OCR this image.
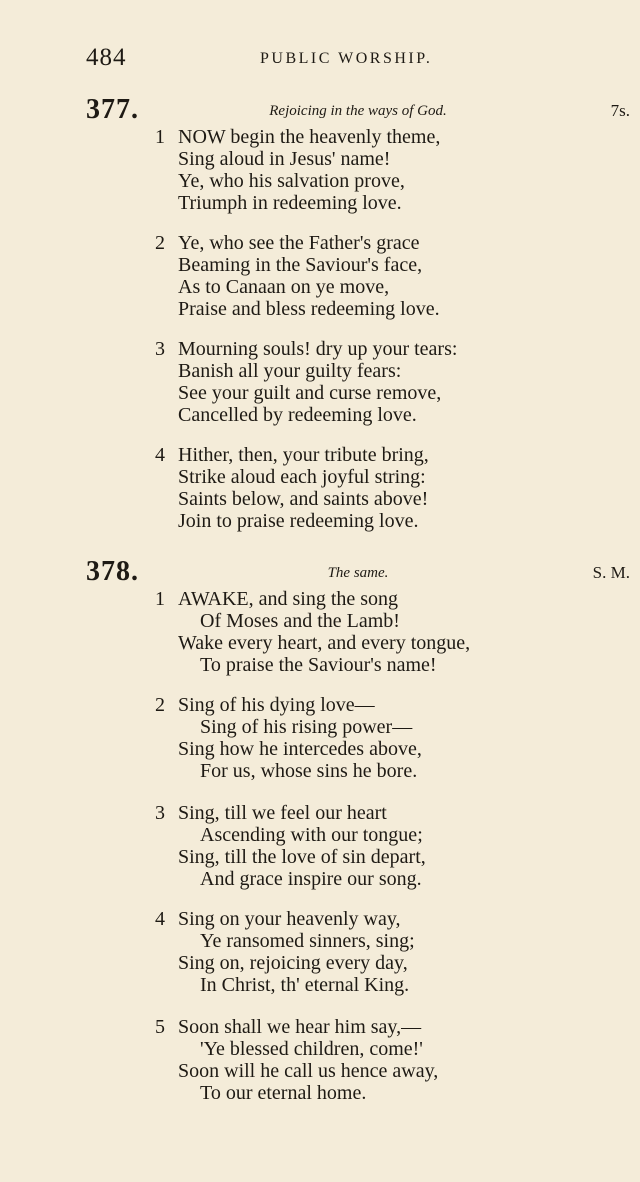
484	PUBLIC WORSHIP.
377.	Rejoicing in the ways of God.	7s.
1 NOW begin the heavenly theme,
Sing aloud in Jesus' name!
Ye, who his salvation prove,
Triumph in redeeming love.
2 Ye, who see the Father's grace
Beaming in the Saviour's face,
As to Canaan on ye move,
Praise and bless redeeming love.
3 Mourning souls! dry up your tears:
Banish all your guilty fears:
See your guilt and curse remove,
Cancelled by redeeming love.
4 Hither, then, your tribute bring,
Strike aloud each joyful string:
Saints below, and saints above!
Join to praise redeeming love.
378.	The same.	S. M.
1 AWAKE, and sing the song
Of Moses and the Lamb!
Wake every heart, and every tongue,
To praise the Saviour's name!
2 Sing of his dying love—
Sing of his rising power—
Sing how he intercedes above,
For us, whose sins he bore.
3 Sing, till we feel our heart
Ascending with our tongue;
Sing, till the love of sin depart,
And grace inspire our song.
4 Sing on your heavenly way,
Ye ransomed sinners, sing;
Sing on, rejoicing every day,
In Christ, th' eternal King.
5 Soon shall we hear him say,—
'Ye blessed children, come!'
Soon will he call us hence away,
To our eternal home.
